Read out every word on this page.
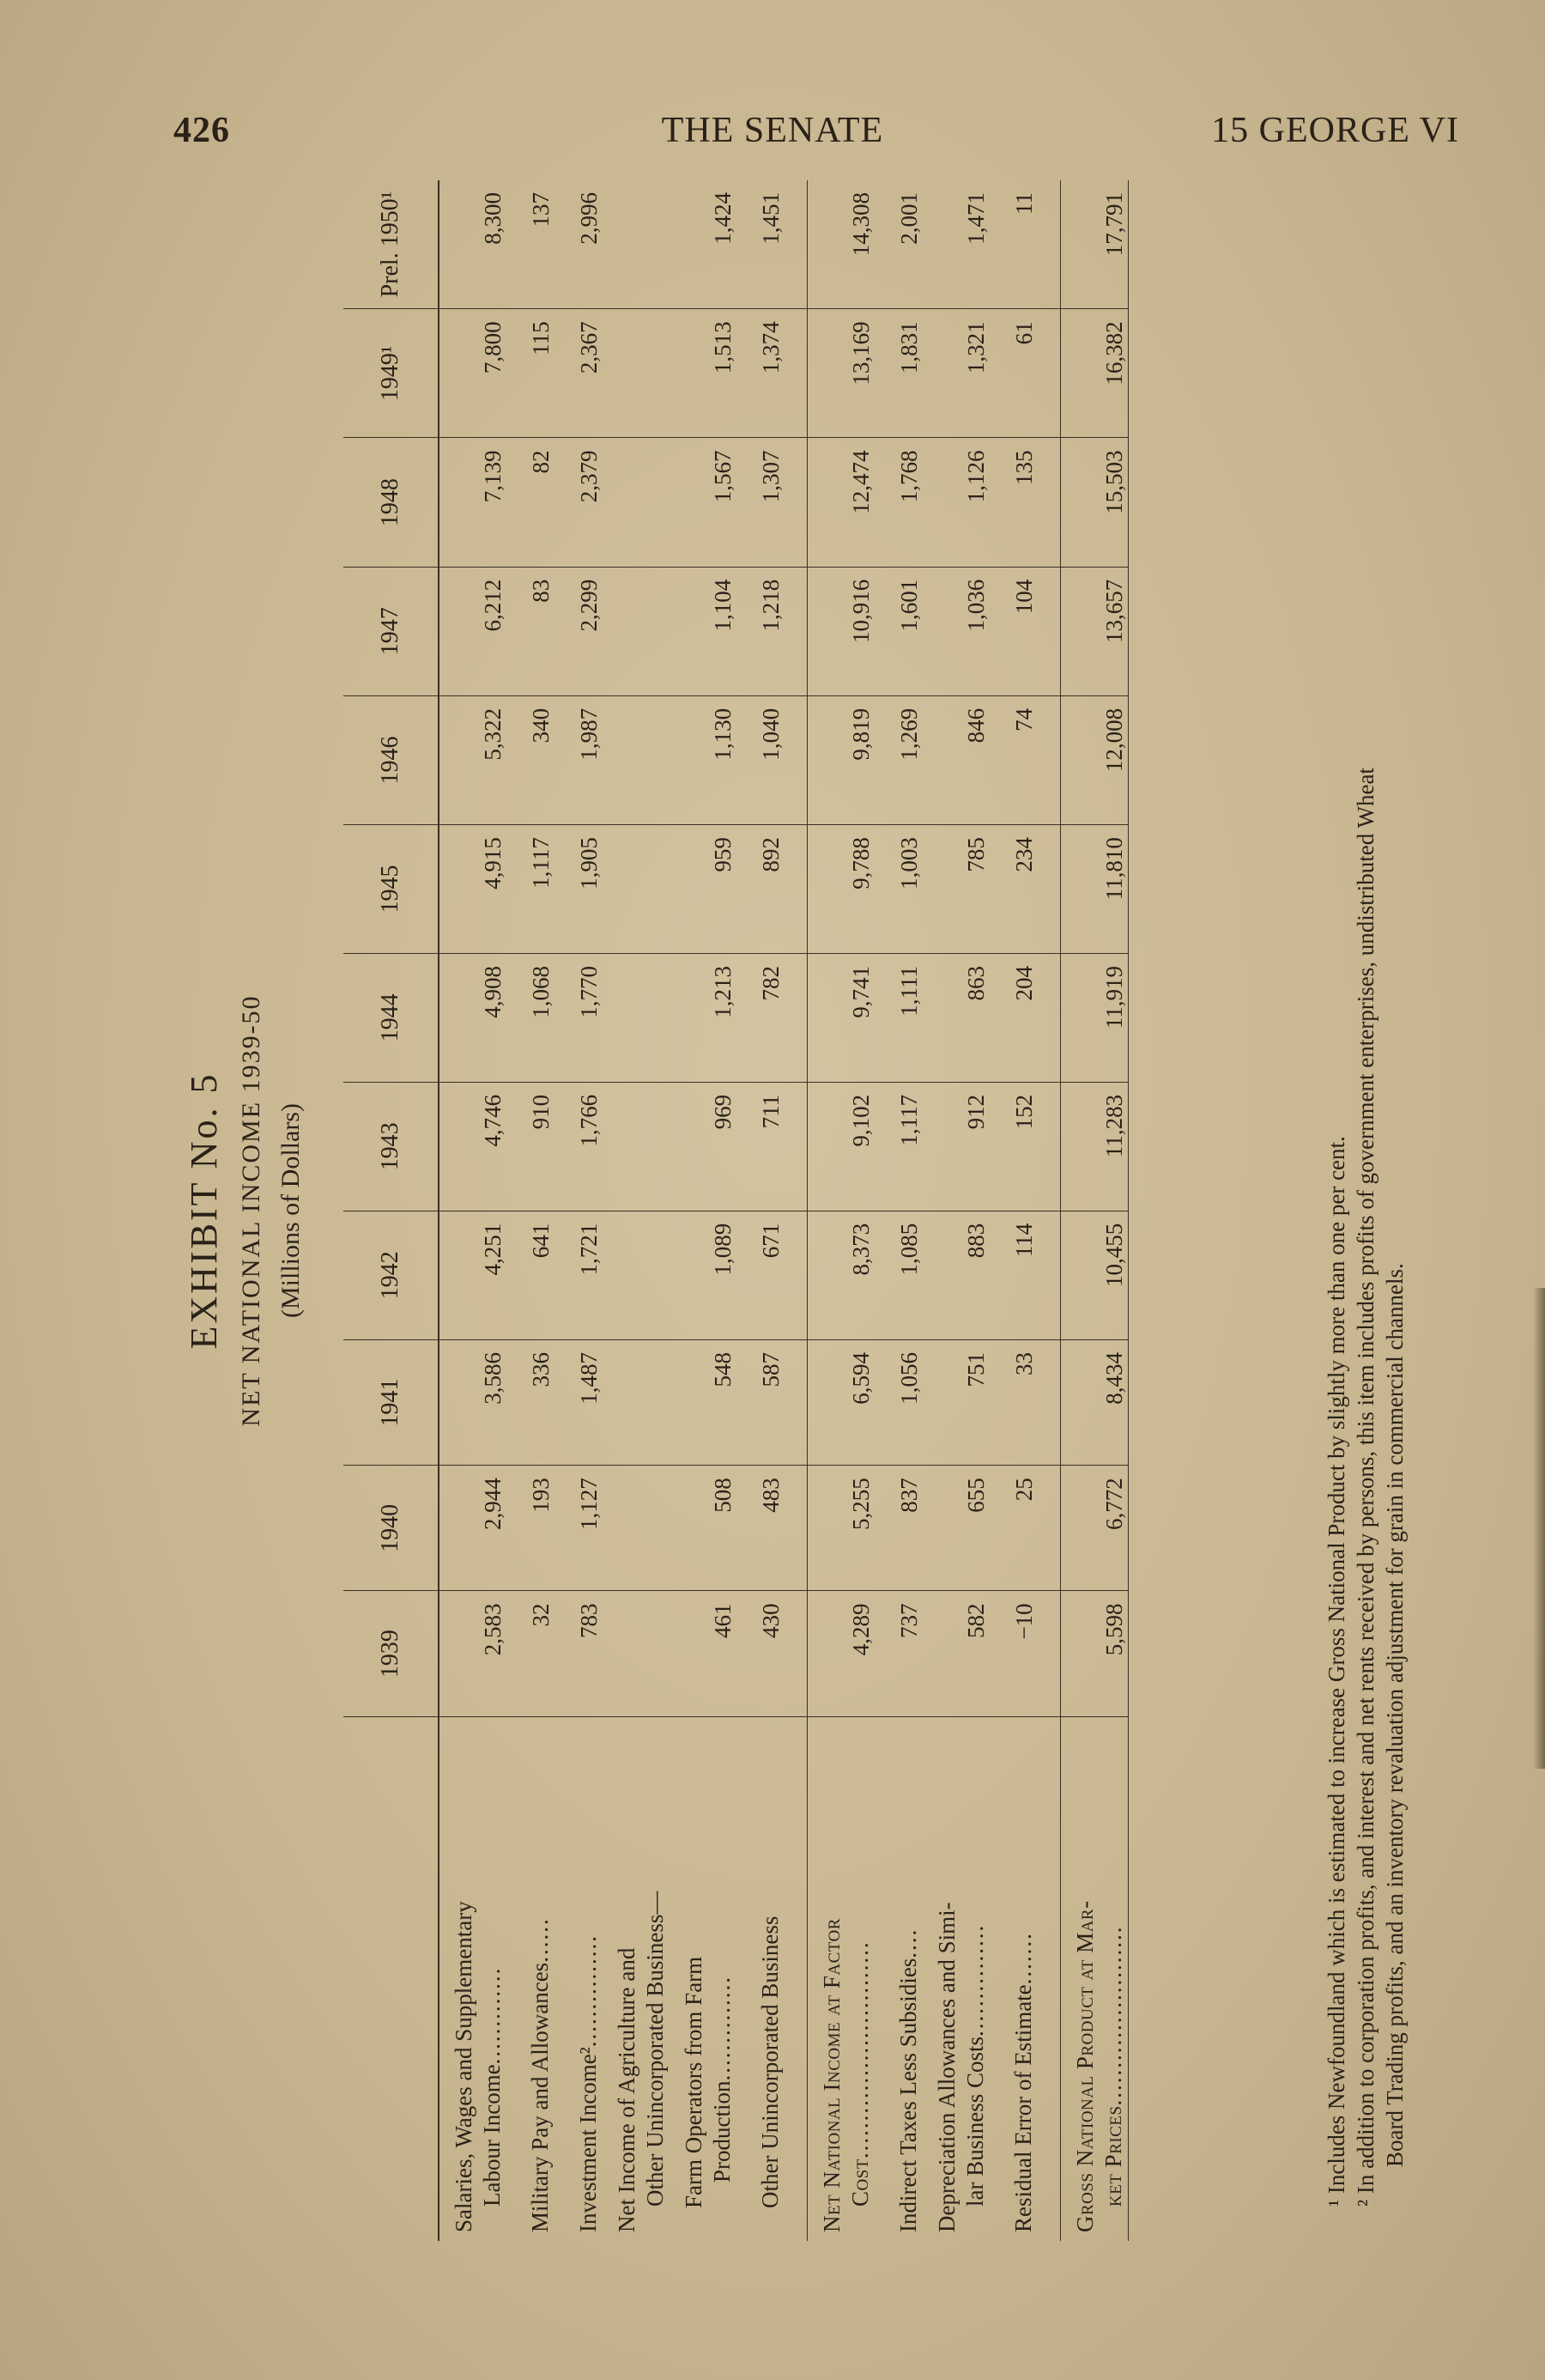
426	THE SENATE	15 GEORGE VI
EXHIBIT No. 5 NET NATIONAL INCOME 1939-50 (Millions of Dollars)
	1939	1940	1941	1942	1943	1944	1945	1946	1947	1948	1949¹	Prel. 1950¹
Salaries, Wages and Supplementary Labour Income.............	2,583	2,944	3,586	4,251	4,746	4,908	4,915	5,322	6,212	7,139	7,800	8,300
Military Pay and Allowances......	32	193	336	641	910	1,068	1,117	340	83	82	115	137
Investment Income²...............	783	1,127	1,487	1,721	1,766	1,770	1,905	1,987	2,299	2,379	2,367	2,996
Net Income of Agriculture and Other Unincorporated Business—												

Farm Operators from Farm Production..............	461	508	548	1,089	969	1,213	959	1,130	1,104	1,567	1,513	1,424
Other Unincorporated Business	430	483	587	671	711	782	892	1,040	1,218	1,307	1,374	1,451

Net National Income at Factor Cost.............................	4,289	5,255	6,594	8,373	9,102	9,741	9,788	9,819	10,916	12,474	13,169	14,308
Indirect Taxes Less Subsidies....	737	837	1,056	1,085	1,117	1,111	1,003	1,269	1,601	1,768	1,831	2,001
Depreciation Allowances and Simi- lar Business Costs...............	582	655	751	883	912	863	785	846	1,036	1,126	1,321	1,471
Residual Error of Estimate.......	−10	25	33	114	152	204	234	74	104	135	61	11

Gross National Product at Mar- ket Prices........................	5,598	6,772	8,434	10,455	11,283	11,919	11,810	12,008	13,657	15,503	16,382	17,791

¹ Includes Newfoundland which is estimated to increase Gross National Product by slightly more than one per cent. ² In addition to corporation profits, and interest and net rents received by persons, this item includes profits of government enterprises, undistributed Wheat Board Trading profits, and an inventory revaluation adjustment for grain in commercial channels.
